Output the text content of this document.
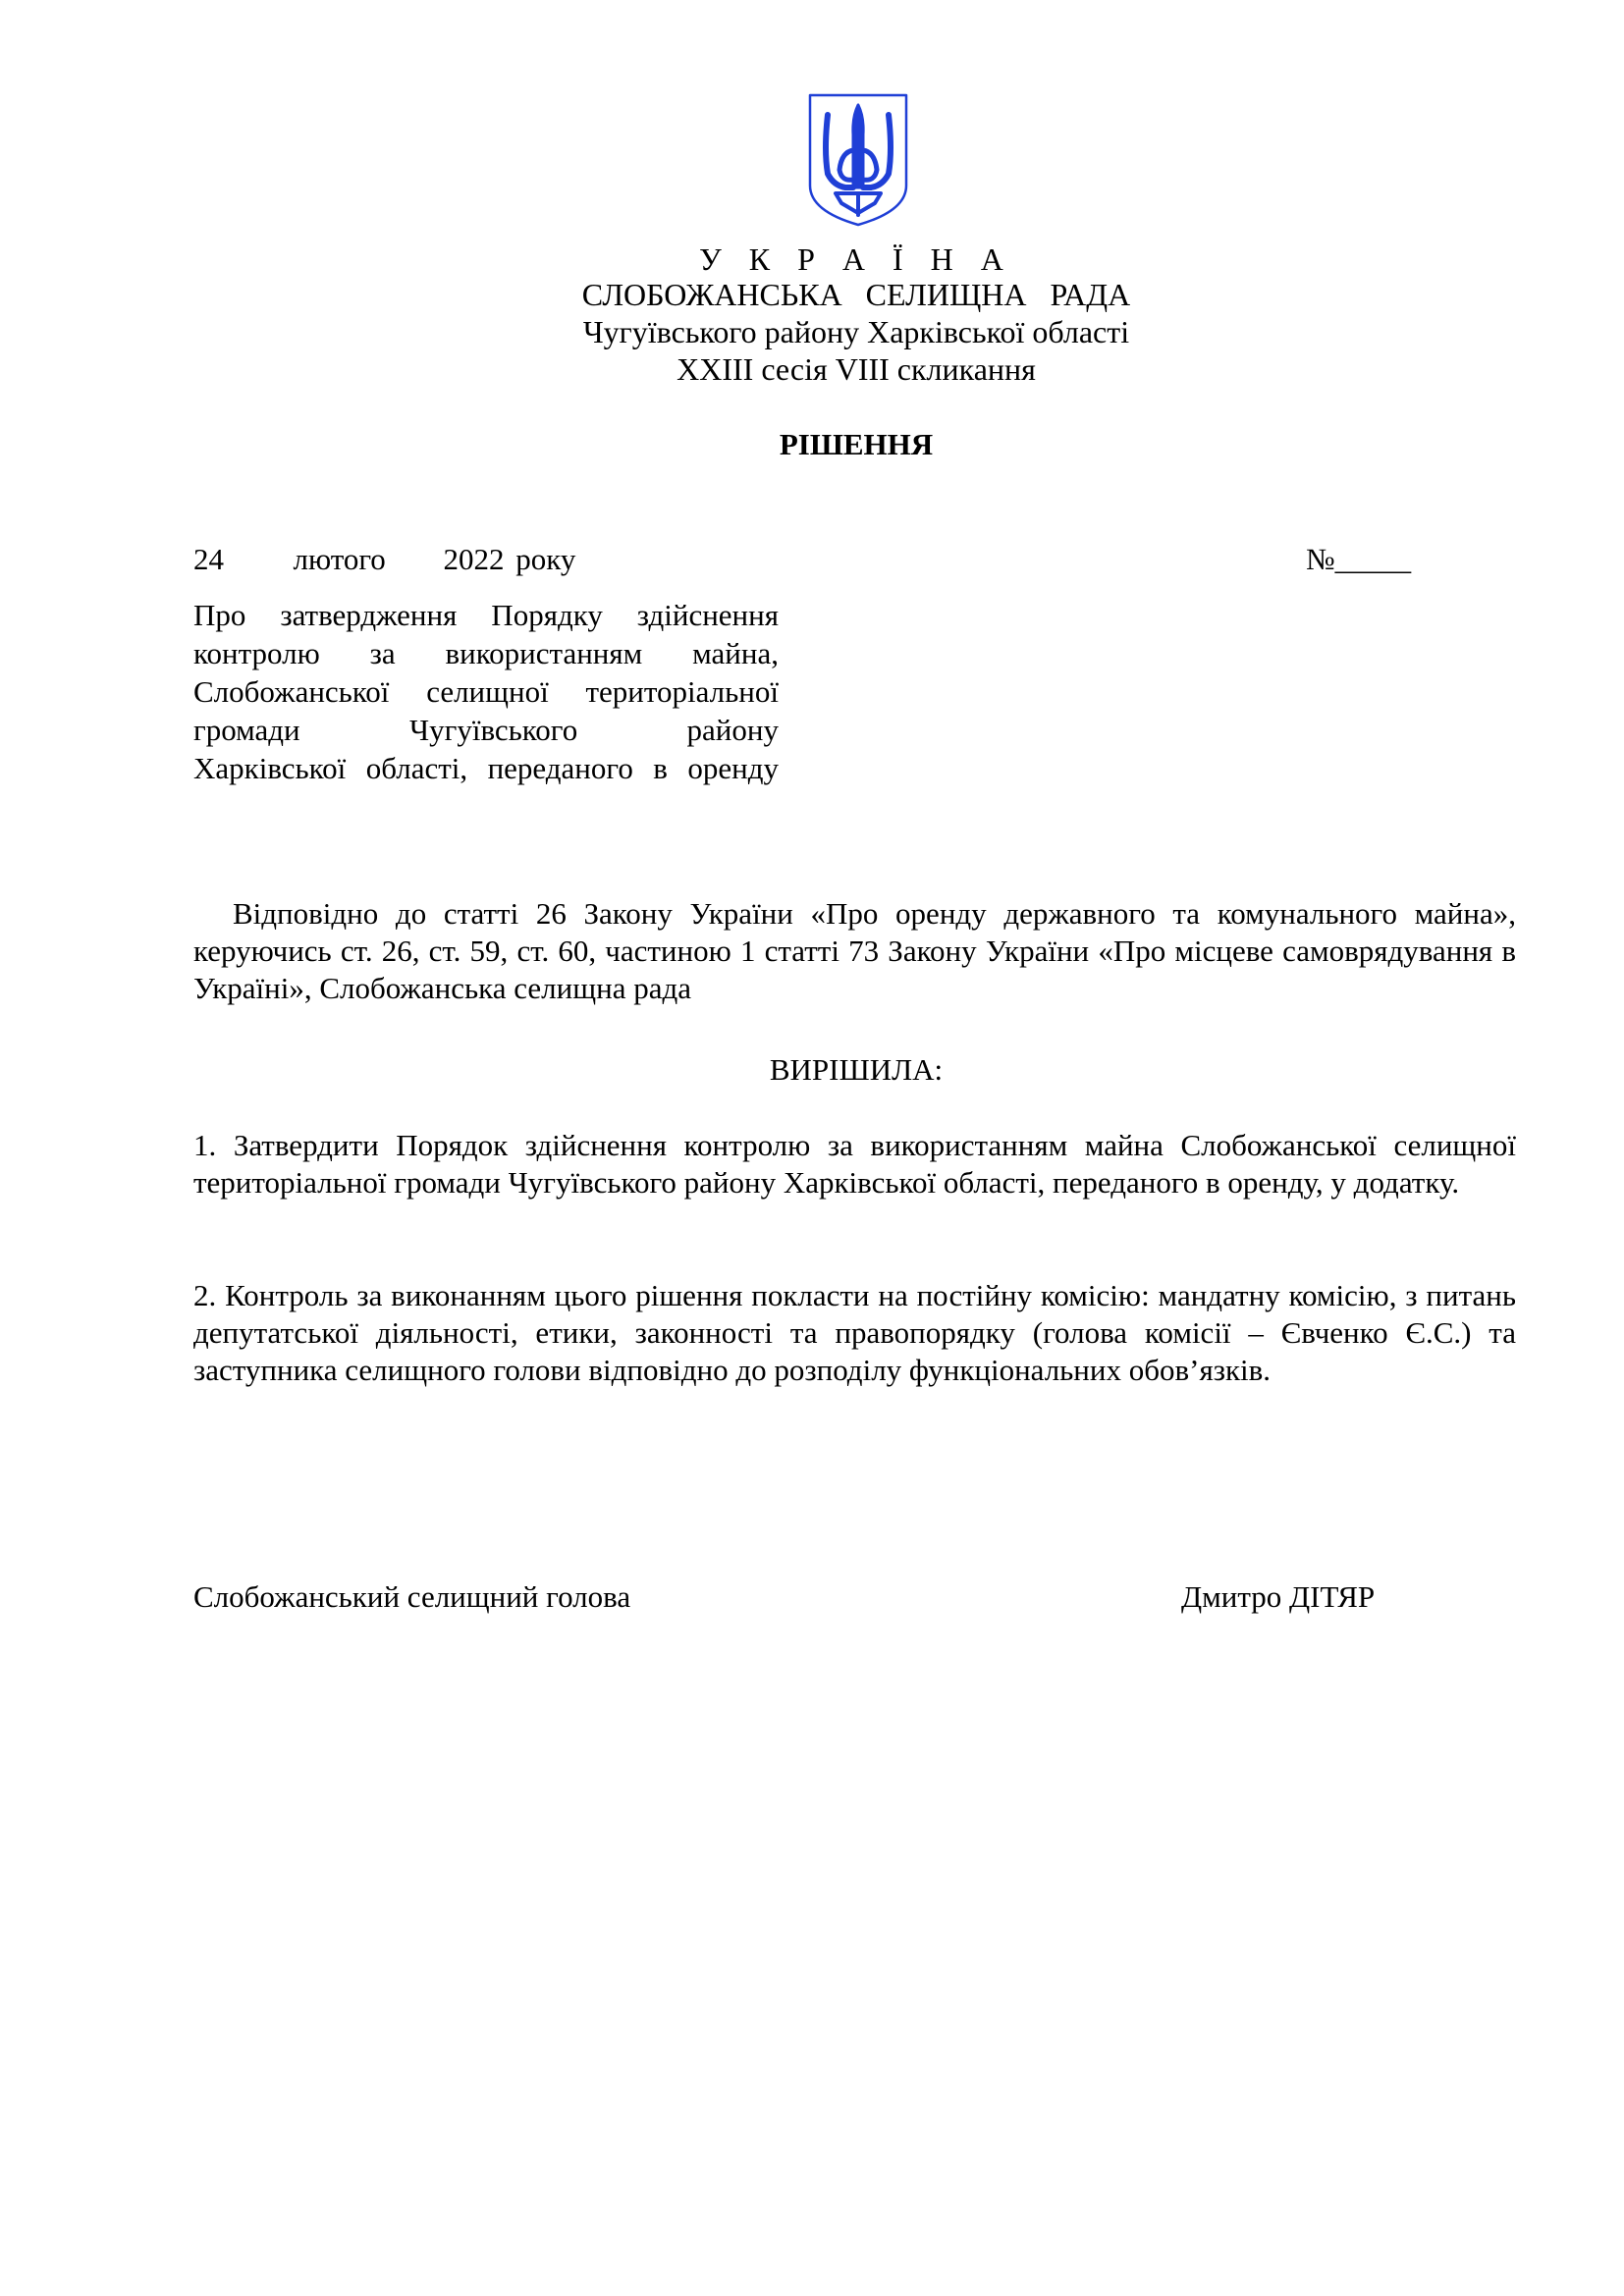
У К Р А Ї Н А
СЛОБОЖАНСЬКА   СЕЛИЩНА   РАДА
Чугуївського району Харківської області
ХХІІІ сесія VІІІ скликання
РІШЕННЯ
24      лютого     2022 року	№_____
Про затвердження Порядку здійснення
контролю за використанням майна,
Слобожанської селищної територіальної
громади Чугуївського району
Харківської області, переданого в оренду
Відповідно до статті 26 Закону України «Про оренду державного та комунального майна», керуючись ст. 26, ст. 59, ст. 60, частиною 1 статті 73 Закону України «Про місцеве самоврядування в Україні», Слобожанська селищна рада
ВИРІШИЛА:
1. Затвердити Порядок здійснення контролю за використанням майна Слобожанської селищної територіальної громади Чугуївського району Харківської області, переданого в оренду, у додатку.
2. Контроль за виконанням цього рішення покласти на постійну комісію: мандатну комісію, з питань депутатської діяльності, етики, законності та правопорядку (голова комісії – Євченко Є.С.) та заступника селищного голови відповідно до розподілу функціональних обов’язків.
Слобожанський селищний голова	Дмитро ДІТЯР
